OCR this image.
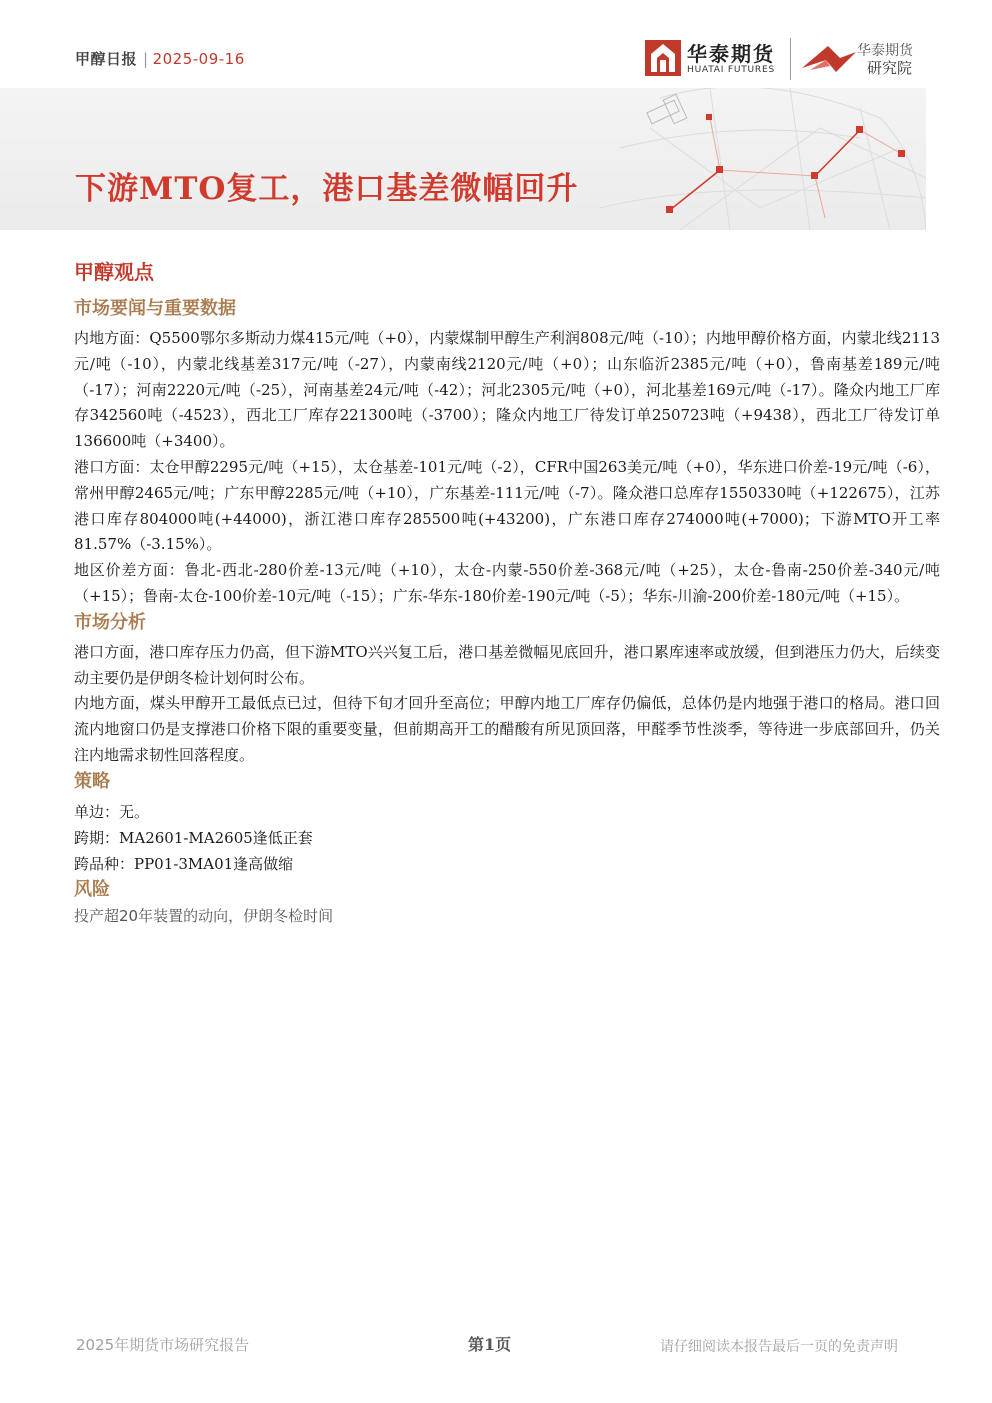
甲醇日报 | 2025-09-16	华泰期货
HUATAI FUTURES
华泰期货
研究院
下游MTO复工，港口基差微幅回升
甲醇观点
市场要闻与重要数据

内地方面：Q5500鄂尔多斯动力煤415元/吨（+0），内蒙煤制甲醇生产利润808元/吨（-10）；内地甲醇价格方面，内蒙北线2113元/吨（-10），内蒙北线基差317元/吨（-27），内蒙南线2120元/吨（+0）；山东临沂2385元/吨（+0），鲁南基差189元/吨（-17）；河南2220元/吨（-25），河南基差24元/吨（-42）；河北2305元/吨（+0），河北基差169元/吨（-17）。隆众内地工厂库存342560吨（-4523），西北工厂库存221300吨（-3700）；隆众内地工厂待发订单250723吨（+9438），西北工厂待发订单136600吨（+3400）。

港口方面：太仓甲醇2295元/吨（+15），太仓基差-101元/吨（-2），CFR中国263美元/吨（+0），华东进口价差-19元/吨（-6），常州甲醇2465元/吨；广东甲醇2285元/吨（+10），广东基差-111元/吨（-7）。隆众港口总库存1550330吨（+122675），江苏港口库存804000吨(+44000)，浙江港口库存285500吨(+43200)，广东港口库存274000吨(+7000)；下游MTO开工率81.57%（-3.15%）。

地区价差方面：鲁北-西北-280价差-13元/吨（+10），太仓-内蒙-550价差-368元/吨（+25），太仓-鲁南-250价差-340元/吨（+15）；鲁南-太仓-100价差-10元/吨（-15）；广东-华东-180价差-190元/吨（-5）；华东-川渝-200价差-180元/吨（+15）。

市场分析

港口方面，港口库存压力仍高，但下游MTO兴兴复工后，港口基差微幅见底回升，港口累库速率或放缓，但到港压力仍大，后续变动主要仍是伊朗冬检计划何时公布。

内地方面，煤头甲醇开工最低点已过，但待下旬才回升至高位；甲醇内地工厂库存仍偏低，总体仍是内地强于港口的格局。港口回流内地窗口仍是支撑港口价格下限的重要变量，但前期高开工的醋酸有所见顶回落，甲醛季节性淡季，等待进一步底部回升，仍关注内地需求韧性回落程度。

策略

单边：无。

跨期：MA2601-MA2605逢低正套

跨品种：PP01-3MA01逢高做缩

风险

投产超20年装置的动向，伊朗冬检时间

2025年期货市场研究报告	第1页	请仔细阅读本报告最后一页的免责声明
